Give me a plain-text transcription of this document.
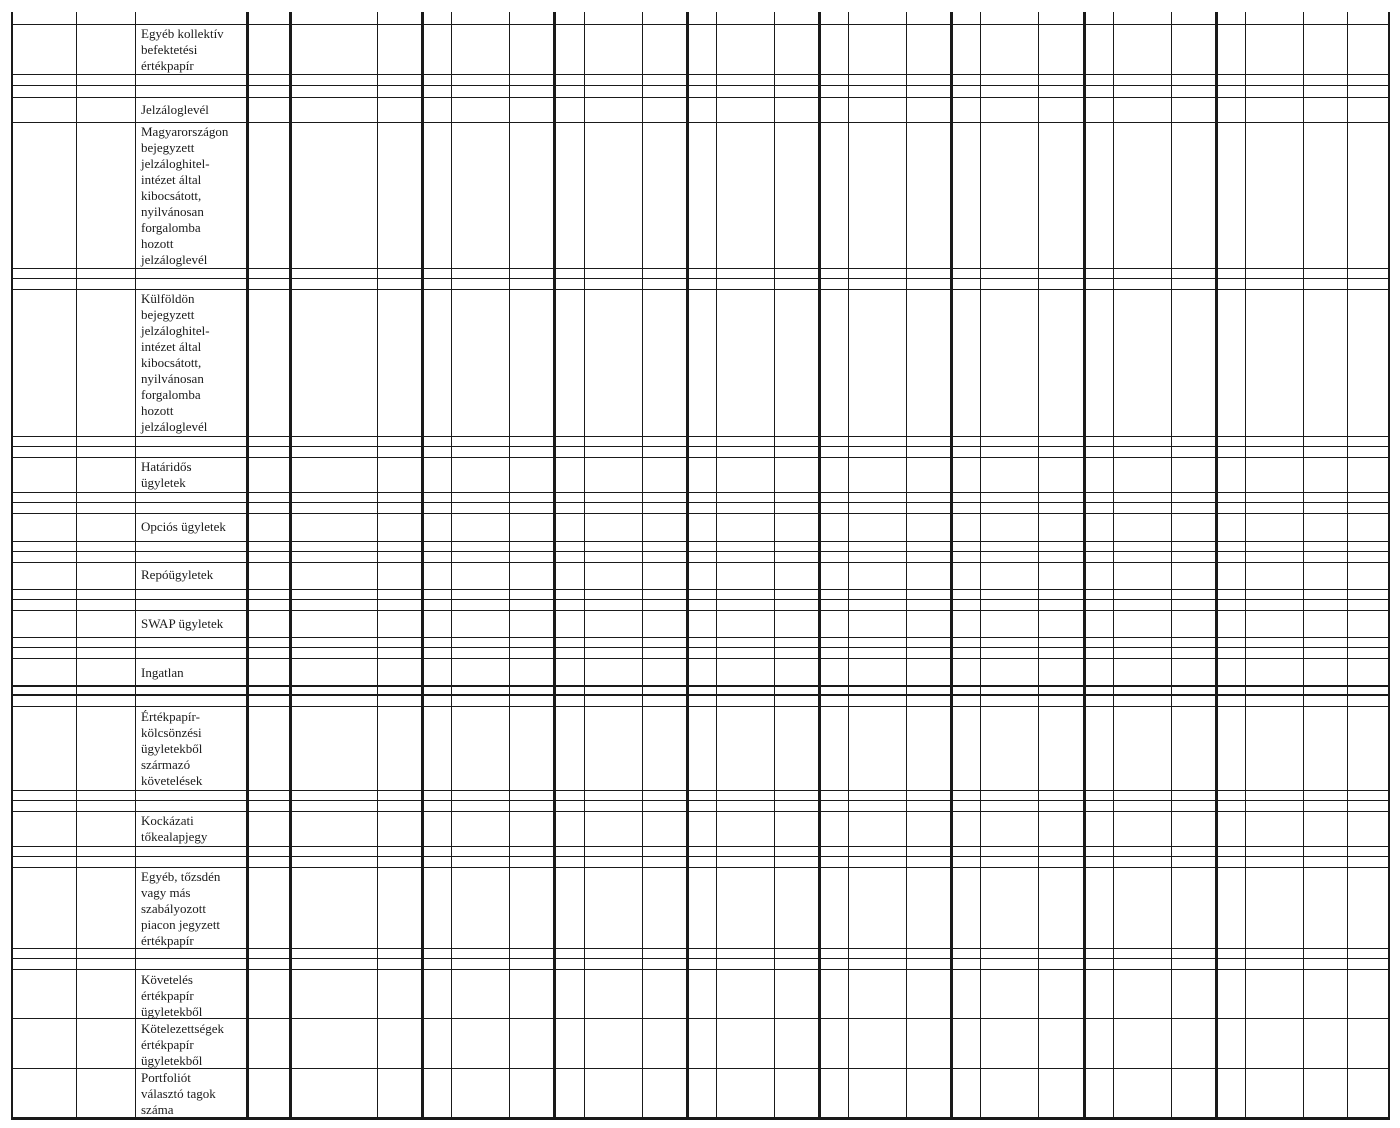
Egyéb kollektív
befektetési
értékpapír
Jelzáloglevél
Magyarországon
bejegyzett
jelzáloghitel-
intézet által
kibocsátott,
nyilvánosan
forgalomba
hozott
jelzáloglevél
Külföldön
bejegyzett
jelzáloghitel-
intézet által
kibocsátott,
nyilvánosan
forgalomba
hozott
jelzáloglevél
Határidős
ügyletek
Opciós ügyletek
Repóügyletek
SWAP ügyletek
Ingatlan
Értékpapír-
kölcsönzési
ügyletekből
származó
követelések
Kockázati
tőkealapjegy
Egyéb, tőzsdén
vagy más
szabályozott
piacon jegyzett
értékpapír
Követelés
értékpapír
ügyletekből
Kötelezettségek
értékpapír
ügyletekből
Portfoliót
választó tagok
száma
